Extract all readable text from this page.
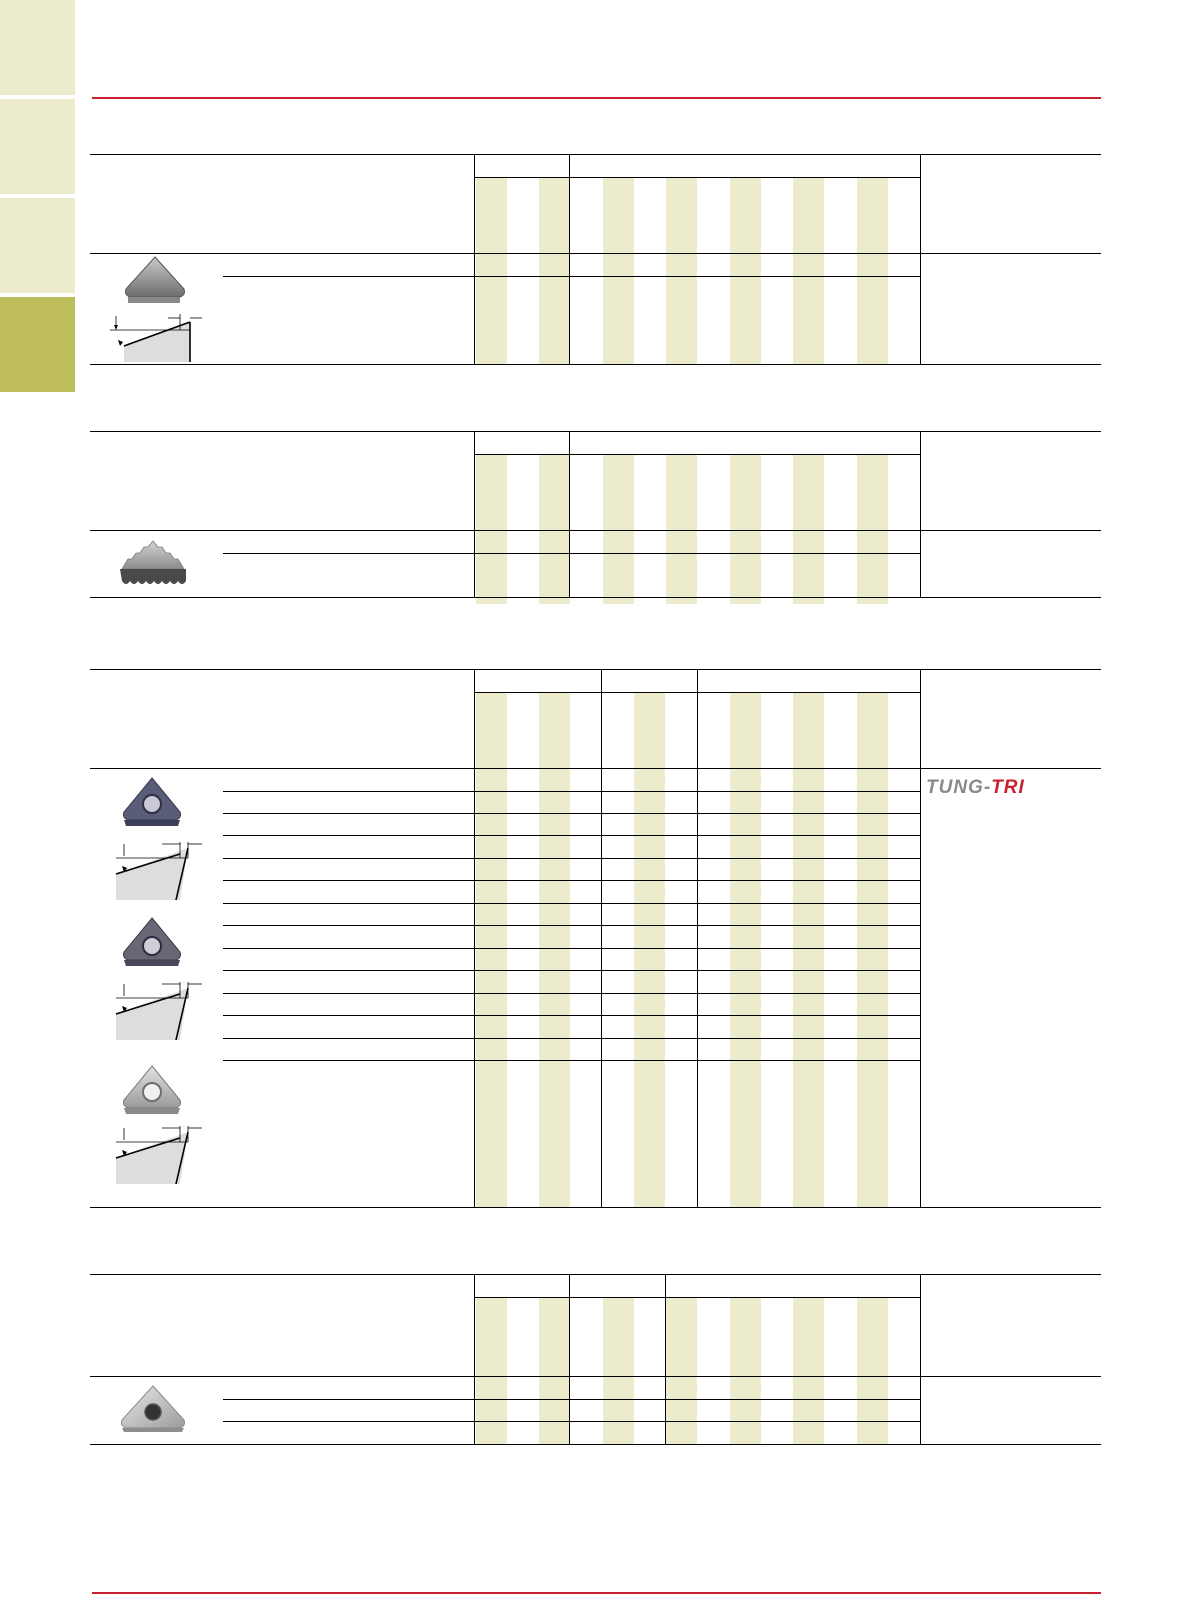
TUNG-TRI
